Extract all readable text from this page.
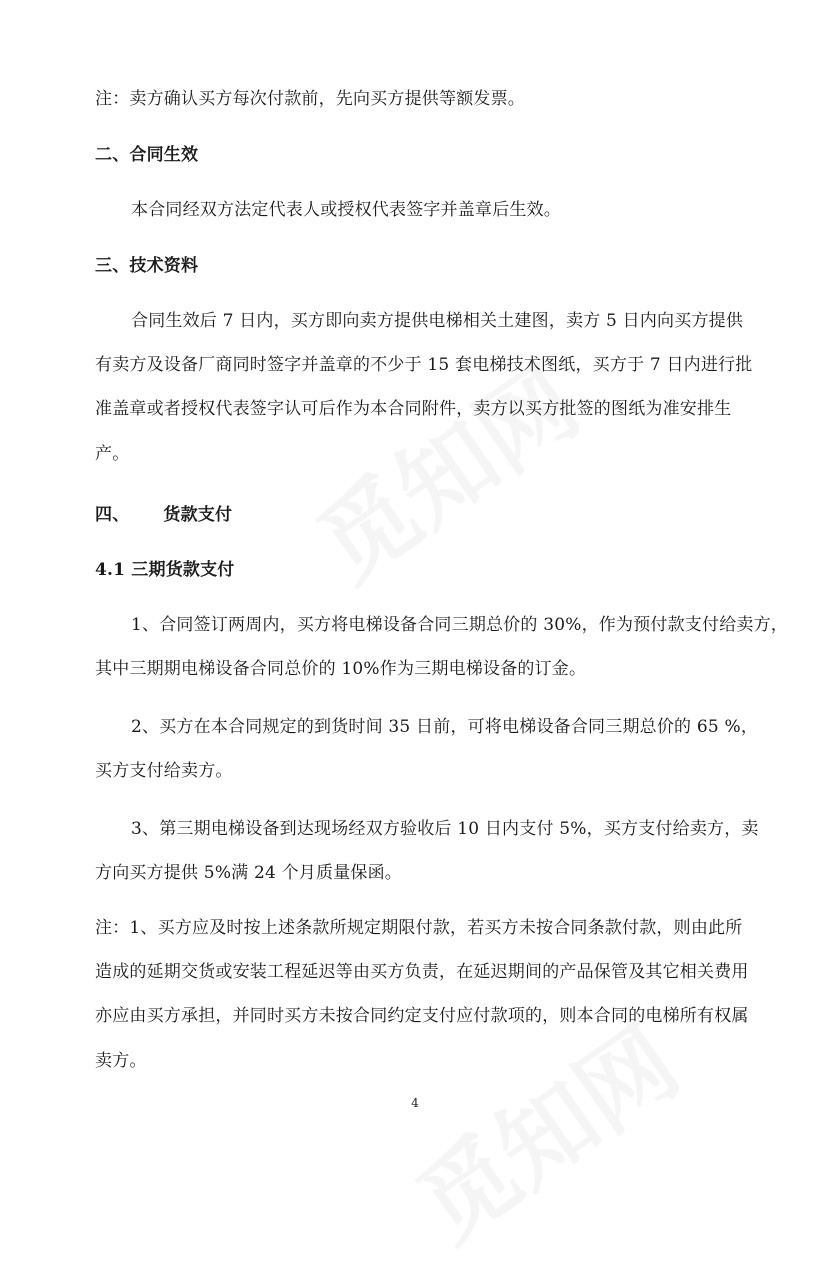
注：卖方确认买方每次付款前，先向买方提供等额发票。
二、合同生效
本合同经双方法定代表人或授权代表签字并盖章后生效。
三、技术资料
合同生效后 7 日内，买方即向卖方提供电梯相关土建图，卖方 5 日内向买方提供
有卖方及设备厂商同时签字并盖章的不少于 15 套电梯技术图纸，买方于 7 日内进行批
准盖章或者授权代表签字认可后作为本合同附件，卖方以买方批签的图纸为准安排生
产。
四、 货款支付
4.1 三期货款支付
1、合同签订两周内，买方将电梯设备合同三期总价的 30%，作为预付款支付给卖方，
其中三期期电梯设备合同总价的 10%作为三期电梯设备的订金。
2、买方在本合同规定的到货时间 35 日前，可将电梯设备合同三期总价的 65 %，
买方支付给卖方。
3、第三期电梯设备到达现场经双方验收后 10 日内支付 5%，买方支付给卖方，卖
方向买方提供 5%满 24 个月质量保函。
注：1、买方应及时按上述条款所规定期限付款，若买方未按合同条款付款，则由此所
造成的延期交货或安装工程延迟等由买方负责，在延迟期间的产品保管及其它相关费用
亦应由买方承担，并同时买方未按合同约定支付应付款项的，则本合同的电梯所有权属
卖方。
4
